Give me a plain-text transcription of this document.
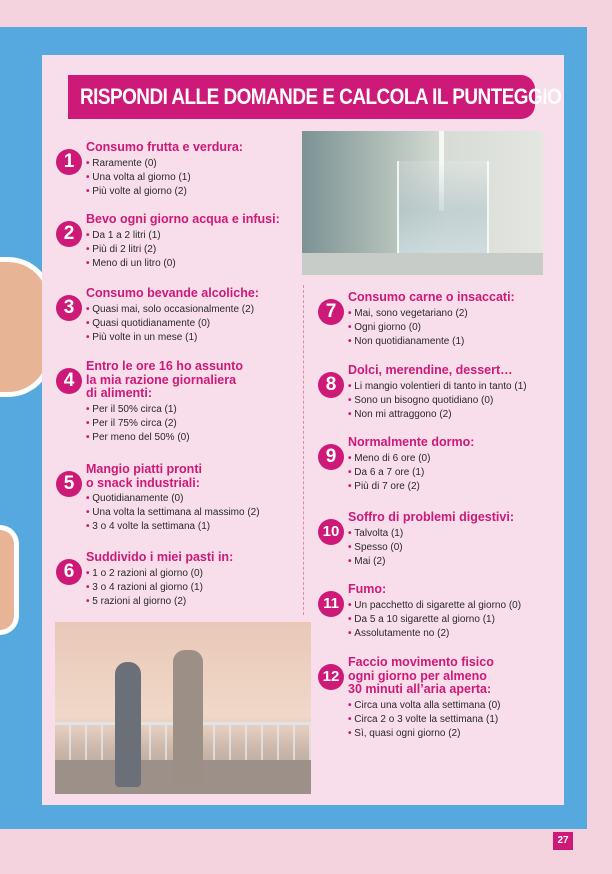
RISPONDI ALLE DOMANDE E CALCOLA IL PUNTEGGIO
1
Consumo frutta e verdura:
• Raramente (0)
• Una volta al giorno (1)
• Più volte al giorno (2)
2
Bevo ogni giorno acqua e infusi:
• Da 1 a 2 litri (1)
• Più di 2 litri (2)
• Meno di un litro (0)
3
Consumo bevande alcoliche:
• Quasi mai, solo occasionalmente (2)
• Quasi quotidianamente (0)
• Più volte in un mese (1)
4
Entro le ore 16 ho assunto
la mia razione giornaliera
di alimenti:
• Per il 50% circa (1)
• Per il 75% circa (2)
• Per meno del 50% (0)
5
Mangio piatti pronti
o snack industriali:
• Quotidianamente (0)
• Una volta la settimana al massimo (2)
• 3 o 4 volte la settimana (1)
6
Suddivido i miei pasti in:
• 1 o 2 razioni al giorno (0)
• 3 o 4 razioni al giorno (1)
• 5 razioni al giorno (2)
7
Consumo carne o insaccati:
• Mai, sono vegetariano (2)
• Ogni giorno (0)
• Non quotidianamente (1)
8
Dolci, merendine, dessert…
• Li mangio volentieri di tanto in tanto (1)
• Sono un bisogno quotidiano (0)
• Non mi attraggono (2)
9
Normalmente dormo:
• Meno di 6 ore (0)
• Da 6 a 7 ore (1)
• Più di 7 ore (2)
10
Soffro di problemi digestivi:
• Talvolta (1)
• Spesso (0)
• Mai (2)
11
Fumo:
• Un pacchetto di sigarette al giorno (0)
• Da 5 a 10 sigarette al giorno (1)
• Assolutamente no (2)
12
Faccio movimento fisico
ogni giorno per almeno
30 minuti all’aria aperta:
• Circa una volta alla settimana (0)
• Circa 2 o 3 volte la settimana (1)
• Sì, quasi ogni giorno (2)
27
